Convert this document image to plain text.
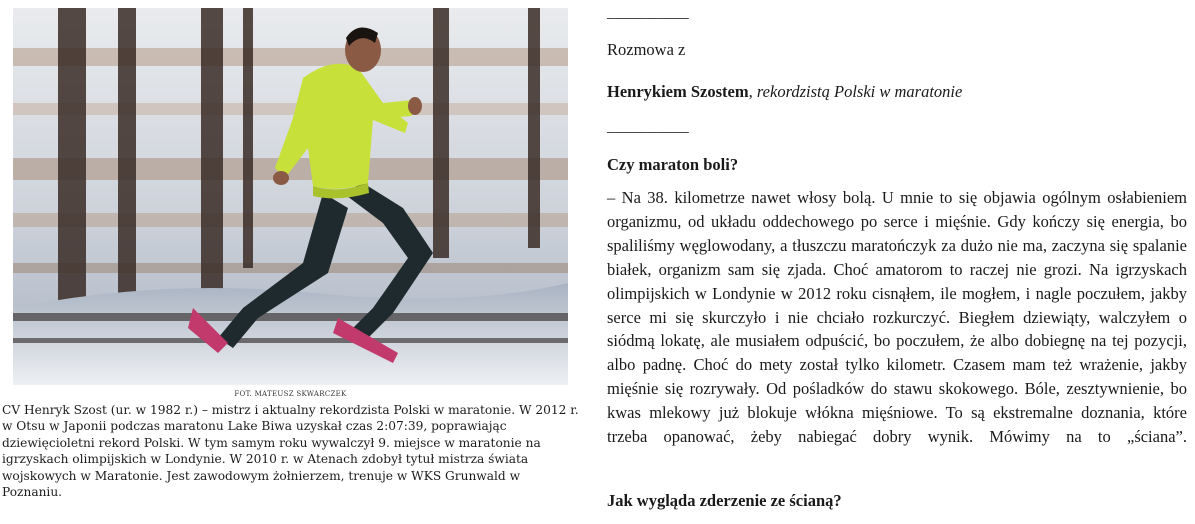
FOT. MATEUSZ SKWARCZEK
CV Henryk Szost (ur. w 1982 r.) – mistrz i aktualny rekordzista Polski w maratonie. W 2012 r. w Otsu w Japonii podczas maratonu Lake Biwa uzyskał czas 2:07:39, poprawiając dziewięcioletni rekord Polski. W tym samym roku wywalczył 9. miejsce w maratonie na igrzyskach olimpijskich w Londynie. W 2010 r. w Atenach zdobył tytuł mistrza świata wojskowych w Maratonie. Jest zawodowym żołnierzem, trenuje w WKS Grunwald w Poznaniu.
__________
Rozmowa z
Henrykiem Szostem, rekordzistą Polski w maratonie
__________
Czy maraton boli?

– Na 38. kilometrze nawet włosy bolą. U mnie to się objawia ogólnym osłabieniem organizmu, od układu oddechowego po serce i mięśnie. Gdy kończy się energia, bo spaliliśmy węglowodany, a tłuszczu maratończyk za dużo nie ma, zaczyna się spalanie białek, organizm sam się zjada. Choć amatorom to raczej nie grozi. Na igrzyskach olimpijskich w Londynie w 2012 roku cisnąłem, ile mogłem, i nagle poczułem, jakby serce mi się skurczyło i nie chciało rozkurczyć. Biegłem dziewiąty, walczyłem o siódmą lokatę, ale musiałem odpuścić, bo poczułem, że albo dobiegnę na tej pozycji, albo padnę. Choć do mety został tylko kilometr. Czasem mam też wrażenie, jakby mięśnie się rozrywały. Od pośladków do stawu skokowego. Bóle, zesztywnienie, bo kwas mlekowy już blokuje włókna mięśniowe. To są ekstremalne doznania, które trzeba opanować, żeby nabiegać dobry wynik. Mówimy na to „ściana”.

Jak wygląda zderzenie ze ścianą?
